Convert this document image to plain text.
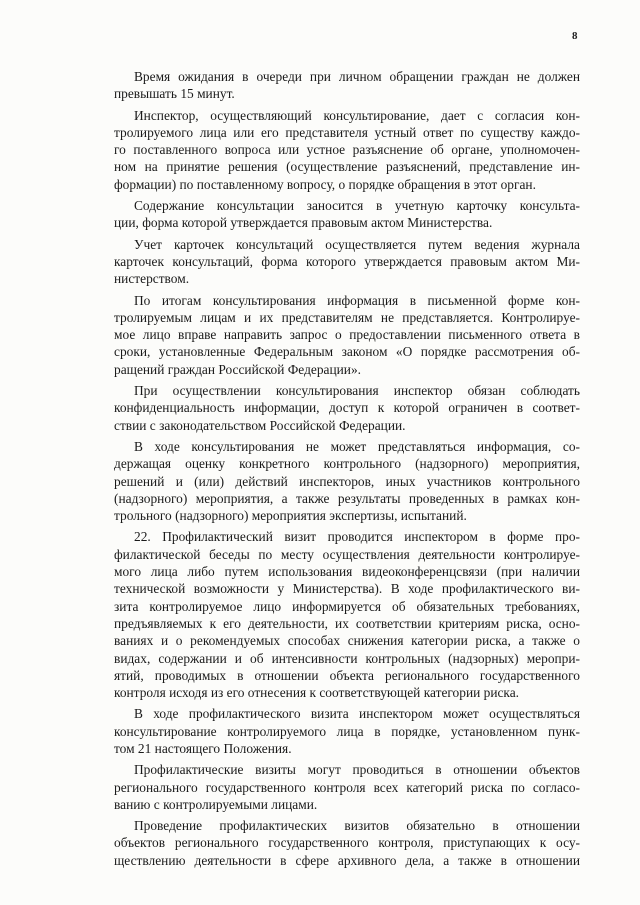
8

Время ожидания в очереди при личном обращении граждан не должен
превышать 15 минут.

Инспектор, осуществляющий консультирование, дает с согласия кон-
тролируемого лица или его представителя устный ответ по существу каждо-
го поставленного вопроса или устное разъяснение об органе, уполномочен-
ном на принятие решения (осуществление разъяснений, представление ин-
формации) по поставленному вопросу, о порядке обращения в этот орган.

Содержание консультации заносится в учетную карточку консульта-
ции, форма которой утверждается правовым актом Министерства.

Учет карточек консультаций осуществляется путем ведения журнала
карточек консультаций, форма которого утверждается правовым актом Ми-
нистерством.

По итогам консультирования информация в письменной форме кон-
тролируемым лицам и их представителям не представляется. Контролируе-
мое лицо вправе направить запрос о предоставлении письменного ответа в
сроки, установленные Федеральным законом «О порядке рассмотрения об-
ращений граждан Российской Федерации».

При осуществлении консультирования инспектор обязан соблюдать
конфиденциальность информации, доступ к которой ограничен в соответ-
ствии с законодательством Российской Федерации.

В ходе консультирования не может представляться информация, со-
держащая оценку конкретного контрольного (надзорного) мероприятия,
решений и (или) действий инспекторов, иных участников контрольного
(надзорного) мероприятия, а также результаты проведенных в рамках кон-
трольного (надзорного) мероприятия экспертизы, испытаний.

22. Профилактический визит проводится инспектором в форме про-
филактической беседы по месту осуществления деятельности контролируе-
мого лица либо путем использования видеоконференцсвязи (при наличии
технической возможности у Министерства). В ходе профилактического ви-
зита контролируемое лицо информируется об обязательных требованиях,
предъявляемых к его деятельности, их соответствии критериям риска, осно-
ваниях и о рекомендуемых способах снижения категории риска, а также о
видах, содержании и об интенсивности контрольных (надзорных) меропри-
ятий, проводимых в отношении объекта регионального государственного
контроля исходя из его отнесения к соответствующей категории риска.

В ходе профилактического визита инспектором может осуществляться
консультирование контролируемого лица в порядке, установленном пунк-
том 21 настоящего Положения.

Профилактические визиты могут проводиться в отношении объектов
регионального государственного контроля всех категорий риска по согласо-
ванию с контролируемыми лицами.

Проведение профилактических визитов обязательно в отношении
объектов регионального государственного контроля, приступающих к осу-
ществлению деятельности в сфере архивного дела, а также в отношении
